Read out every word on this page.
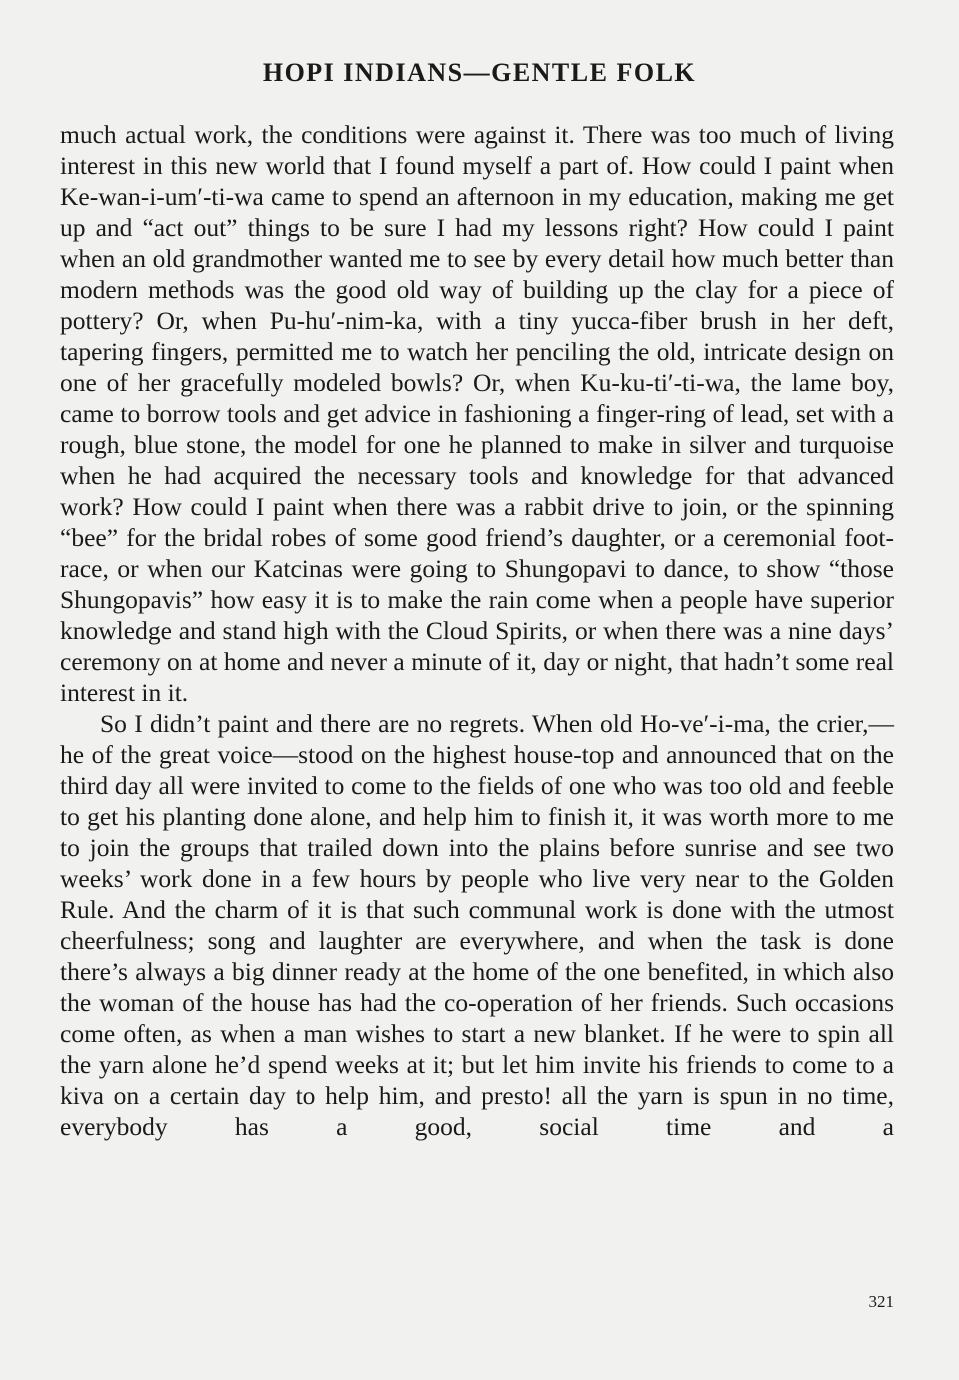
HOPI INDIANS—GENTLE FOLK

much actual work, the conditions were against it. There was too much of living interest in this new world that I found myself a part of. How could I paint when Ke-wan-i-um′-ti-wa came to spend an afternoon in my education, making me get up and “act out” things to be sure I had my lessons right? How could I paint when an old grandmother wanted me to see by every detail how much better than modern methods was the good old way of building up the clay for a piece of pottery? Or, when Pu-hu′-nim-ka, with a tiny yucca-fiber brush in her deft, tapering fingers, permitted me to watch her penciling the old, intricate design on one of her gracefully modeled bowls? Or, when Ku-ku-ti′-ti-wa, the lame boy, came to borrow tools and get advice in fashioning a finger-ring of lead, set with a rough, blue stone, the model for one he planned to make in silver and turquoise when he had acquired the necessary tools and knowledge for that advanced work? How could I paint when there was a rabbit drive to join, or the spinning “bee” for the bridal robes of some good friend’s daughter, or a ceremonial foot-race, or when our Katcinas were going to Shungopavi to dance, to show “those Shungopavis” how easy it is to make the rain come when a people have superior knowledge and stand high with the Cloud Spirits, or when there was a nine days’ ceremony on at home and never a minute of it, day or night, that hadn’t some real interest in it.

So I didn’t paint and there are no regrets. When old Ho-ve′-i-ma, the crier,—he of the great voice—stood on the highest house-top and announced that on the third day all were invited to come to the fields of one who was too old and feeble to get his planting done alone, and help him to finish it, it was worth more to me to join the groups that trailed down into the plains before sunrise and see two weeks’ work done in a few hours by people who live very near to the Golden Rule. And the charm of it is that such communal work is done with the utmost cheerfulness; song and laughter are everywhere, and when the task is done there’s always a big dinner ready at the home of the one benefited, in which also the woman of the house has had the co-operation of her friends. Such occasions come often, as when a man wishes to start a new blanket. If he were to spin all the yarn alone he’d spend weeks at it; but let him invite his friends to come to a kiva on a certain day to help him, and presto! all the yarn is spun in no time, everybody has a good, social time and a

321
